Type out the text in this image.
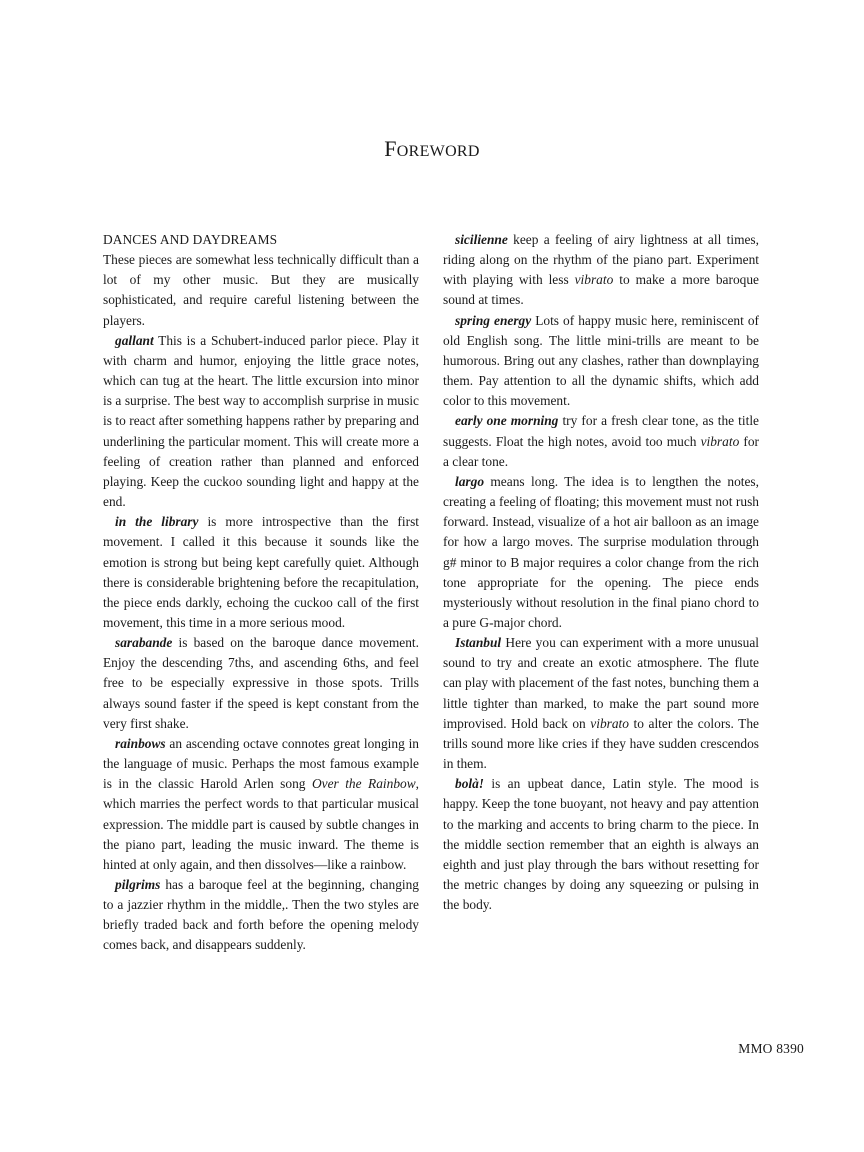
FOREWORD

DANCES AND DAYDREAMS

These pieces are somewhat less technically difficult than a lot of my other music. But they are musically sophisticated, and require careful listening between the players.

gallant This is a Schubert-induced parlor piece. Play it with charm and humor, enjoying the little grace notes, which can tug at the heart. The little excursion into minor is a surprise. The best way to accomplish surprise in music is to react after something happens rather by preparing and underlining the particular moment. This will create more a feeling of creation rather than planned and enforced playing. Keep the cuckoo sounding light and happy at the end.

in the library is more introspective than the first movement. I called it this because it sounds like the emotion is strong but being kept carefully quiet. Although there is considerable brightening before the recapitulation, the piece ends darkly, echoing the cuckoo call of the first movement, this time in a more serious mood.

sarabande is based on the baroque dance movement. Enjoy the descending 7ths, and ascending 6ths, and feel free to be especially expressive in those spots. Trills always sound faster if the speed is kept constant from the very first shake.

rainbows an ascending octave connotes great longing in the language of music. Perhaps the most famous example is in the classic Harold Arlen song Over the Rainbow, which marries the perfect words to that particular musical expression. The middle part is caused by subtle changes in the piano part, leading the music inward. The theme is hinted at only again, and then dissolves—like a rainbow.

pilgrims has a baroque feel at the beginning, changing to a jazzier rhythm in the middle,. Then the two styles are briefly traded back and forth before the opening melody comes back, and disappears suddenly.

sicilienne keep a feeling of airy lightness at all times, riding along on the rhythm of the piano part. Experiment with playing with less vibrato to make a more baroque sound at times.

spring energy Lots of happy music here, reminiscent of old English song. The little mini-trills are meant to be humorous. Bring out any clashes, rather than downplaying them. Pay attention to all the dynamic shifts, which add color to this movement.

early one morning try for a fresh clear tone, as the title suggests. Float the high notes, avoid too much vibrato for a clear tone.

largo means long. The idea is to lengthen the notes, creating a feeling of floating; this movement must not rush forward. Instead, visualize of a hot air balloon as an image for how a largo moves. The surprise modulation through g# minor to B major requires a color change from the rich tone appropriate for the opening. The piece ends mysteriously without resolution in the final piano chord to a pure G-major chord.

Istanbul Here you can experiment with a more unusual sound to try and create an exotic atmosphere. The flute can play with placement of the fast notes, bunching them a little tighter than marked, to make the part sound more improvised. Hold back on vibrato to alter the colors. The trills sound more like cries if they have sudden crescendos in them.

bolà! is an upbeat dance, Latin style. The mood is happy. Keep the tone buoyant, not heavy and pay attention to the marking and accents to bring charm to the piece. In the middle section remember that an eighth is always an eighth and just play through the bars without resetting for the metric changes by doing any squeezing or pulsing in the body.

MMO 8390
